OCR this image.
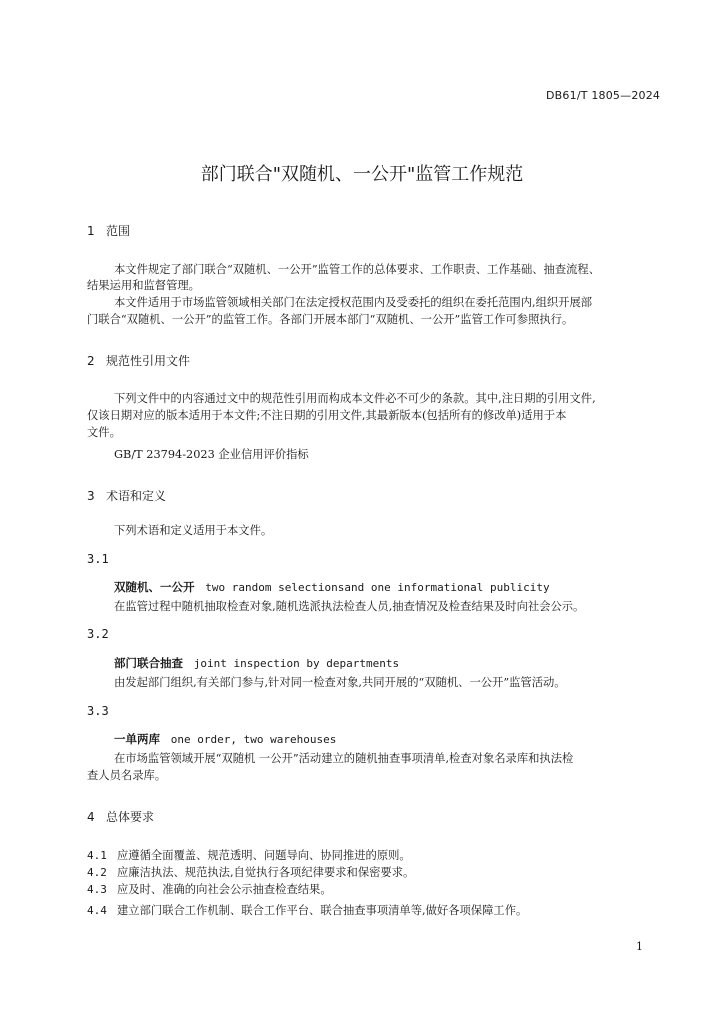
DB61/T 1805—2024
部门联合"双随机、一公开"监管工作规范
1 范围
本文件规定了部门联合“双随机、一公开”监管工作的总体要求、工作职责、工作基础、抽查流程、
结果运用和监督管理。
本文件适用于市场监管领域相关部门在法定授权范围内及受委托的组织在委托范围内,组织开展部
门联合“双随机、一公开”的监管工作。各部门开展本部门“双随机、一公开”监管工作可参照执行。
2 规范性引用文件
下列文件中的内容通过文中的规范性引用而构成本文件必不可少的条款。其中,注日期的引用文件,
仅该日期对应的版本适用于本文件;不注日期的引用文件,其最新版本(包括所有的修改单)适用于本
文件。
GB/T 23794-2023 企业信用评价指标
3 术语和定义
下列术语和定义适用于本文件。
3.1
双随机、一公开 two random selectionsand one informational publicity
在监管过程中随机抽取检查对象,随机选派执法检查人员,抽查情况及检查结果及时向社会公示。
3.2
部门联合抽查 joint inspection by departments
由发起部门组织,有关部门参与,针对同一检查对象,共同开展的“双随机、一公开”监管活动。
3.3
一单两库 one order, two warehouses
在市场监管领域开展“双随机 一公开”活动建立的随机抽查事项清单,检查对象名录库和执法检
查人员名录库。
4 总体要求
4.1 应遵循全面覆盖、规范透明、问题导向、协同推进的原则。
4.2 应廉洁执法、规范执法,自觉执行各项纪律要求和保密要求。
4.3 应及时、准确的向社会公示抽查检查结果。
4.4 建立部门联合工作机制、联合工作平台、联合抽查事项清单等,做好各项保障工作。
1
